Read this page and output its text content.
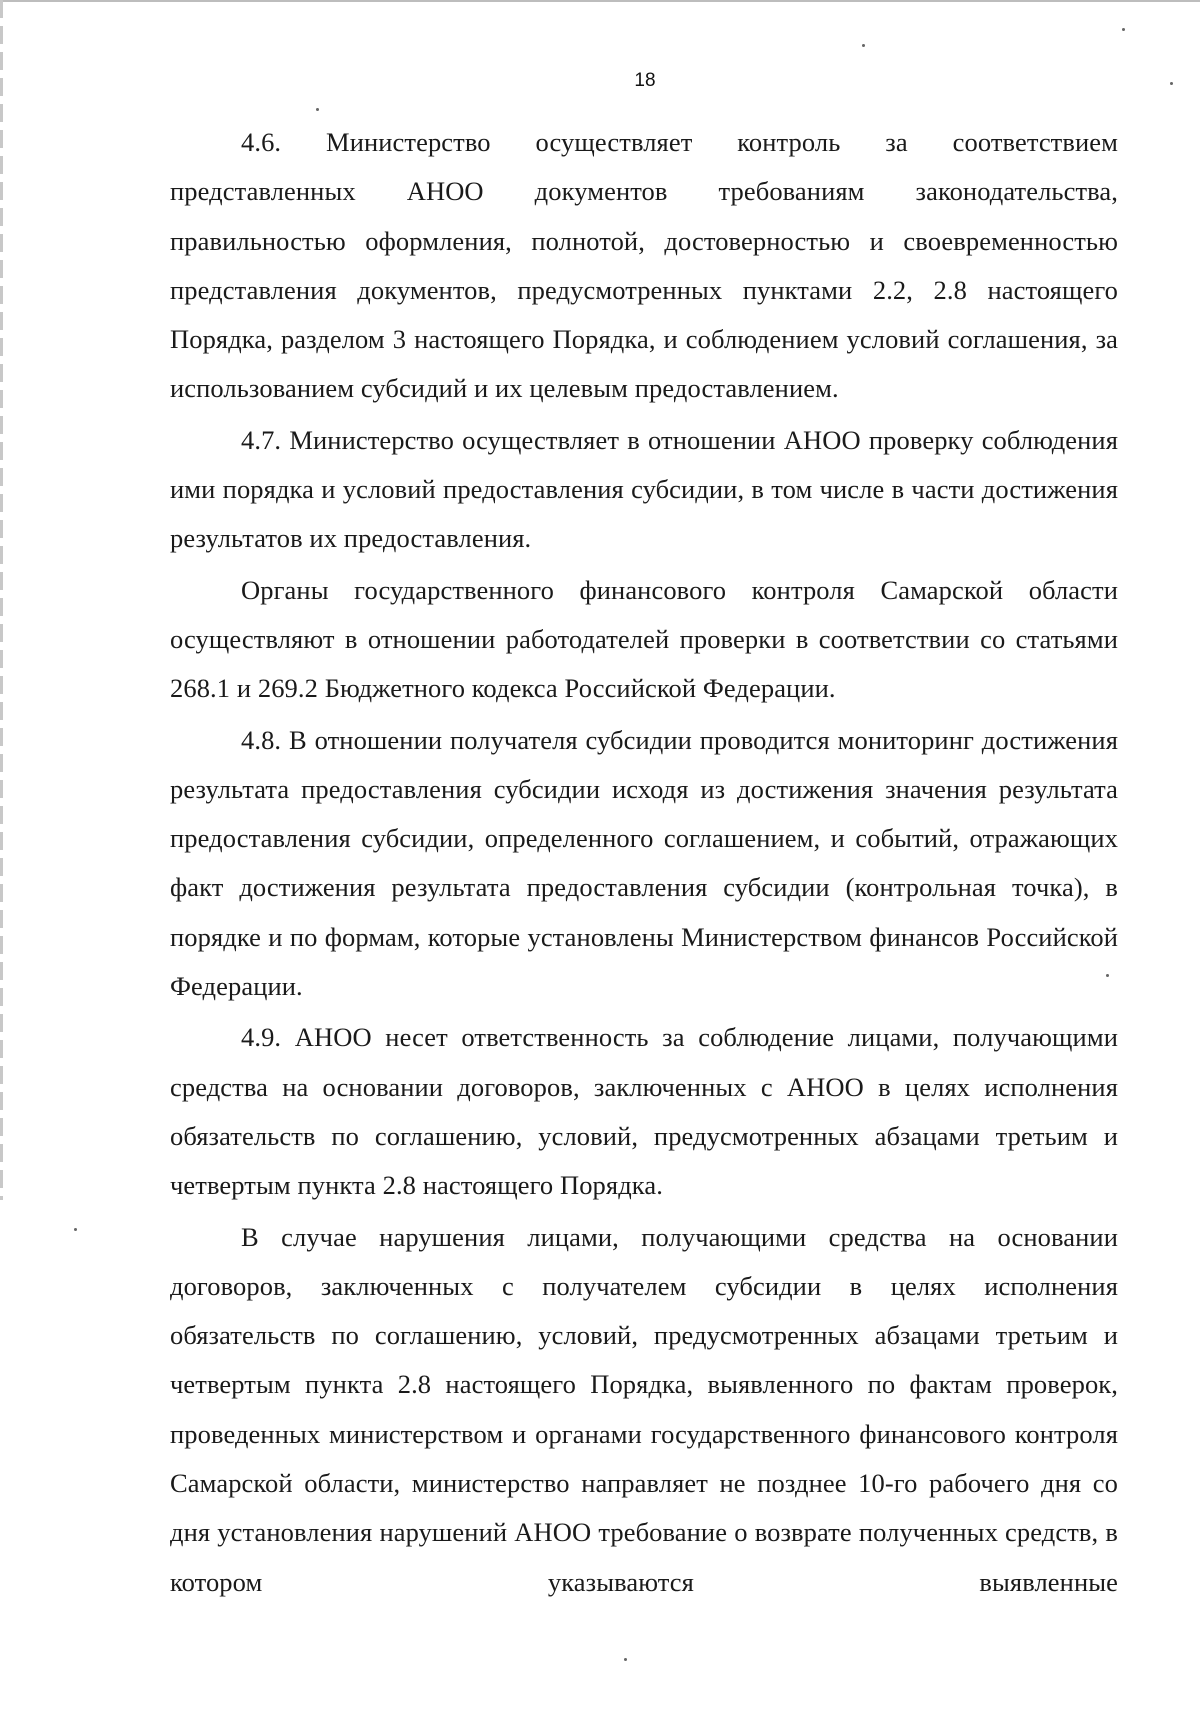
18

4.6. Министерство осуществляет контроль за соответствием представленных АНОО документов требованиям законодательства, правильностью оформления, полнотой, достоверностью и своевременностью представления документов, предусмотренных пунктами 2.2, 2.8 настоящего Порядка, разделом 3 настоящего Порядка, и соблюдением условий соглашения, за использованием субсидий и их целевым предоставлением.

4.7. Министерство осуществляет в отношении АНОО проверку соблюдения ими порядка и условий предоставления субсидии, в том числе в части достижения результатов их предоставления.

Органы государственного финансового контроля Самарской области осуществляют в отношении работодателей проверки в соответствии со статьями 268.1 и 269.2 Бюджетного кодекса Российской Федерации.

4.8. В отношении получателя субсидии проводится мониторинг достижения результата предоставления субсидии исходя из достижения значения результата предоставления субсидии, определенного соглашением, и событий, отражающих факт достижения результата предоставления субсидии (контрольная точка), в порядке и по формам, которые установлены Министерством финансов Российской Федерации.

4.9. АНОО несет ответственность за соблюдение лицами, получающими средства на основании договоров, заключенных с АНОО в целях исполнения обязательств по соглашению, условий, предусмотренных абзацами третьим и четвертым пункта 2.8 настоящего Порядка.

В случае нарушения лицами, получающими средства на основании договоров, заключенных с получателем субсидии в целях исполнения обязательств по соглашению, условий, предусмотренных абзацами третьим и четвертым пункта 2.8 настоящего Порядка, выявленного по фактам проверок, проведенных министерством и органами государственного финансового контроля Самарской области, министерство направляет не позднее 10-го рабочего дня со дня установления нарушений АНОО требование о возврате полученных средств, в котором указываются выявленные
